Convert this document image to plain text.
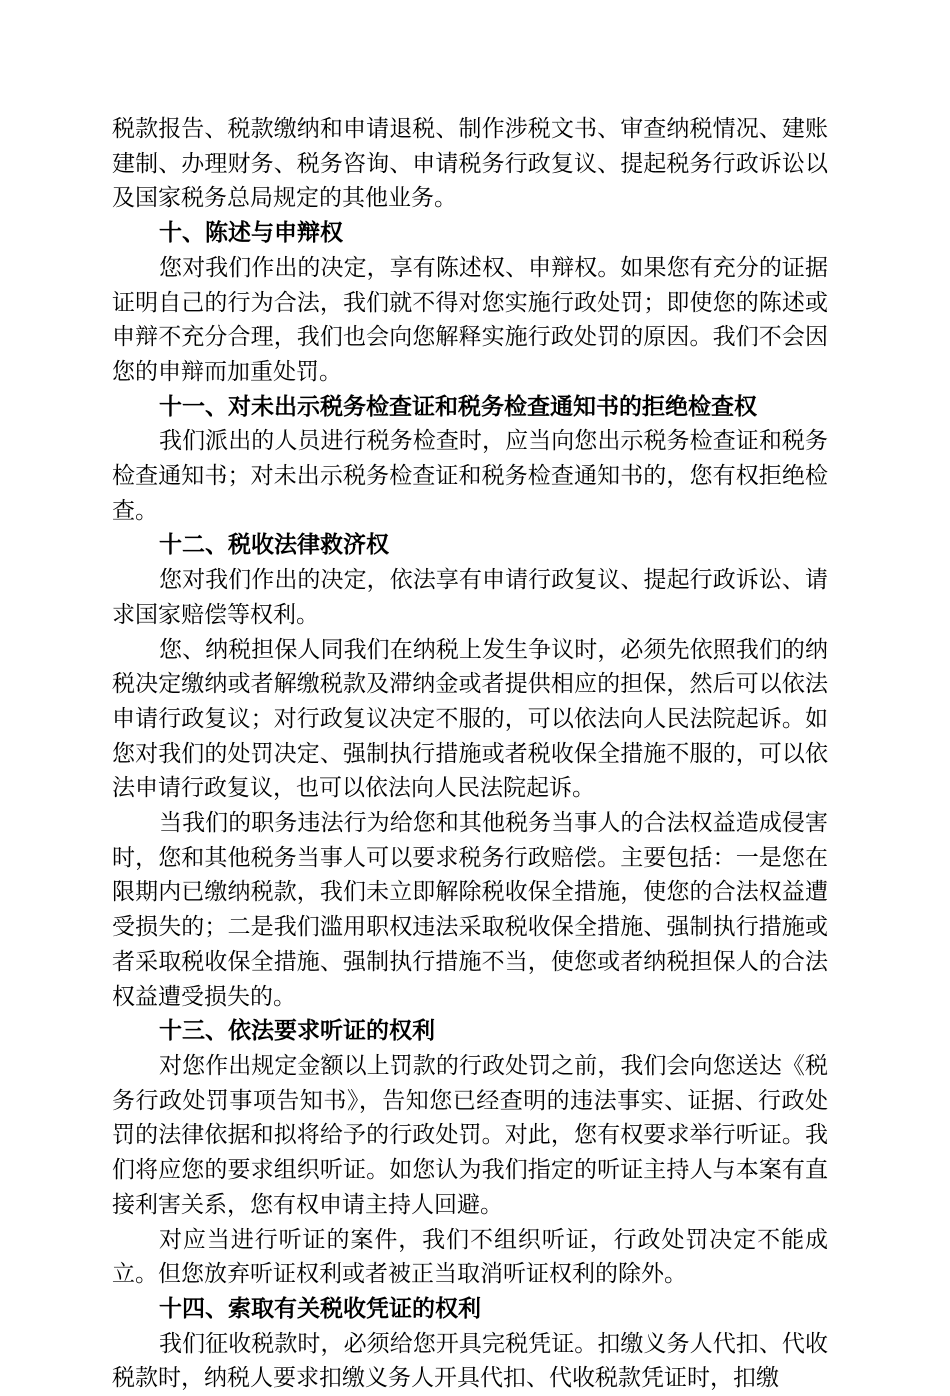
税款报告、税款缴纳和申请退税、制作涉税文书、审查纳税情况、建账建制、办理财务、税务咨询、申请税务行政复议、提起税务行政诉讼以及国家税务总局规定的其他业务。

十、陈述与申辩权

您对我们作出的决定，享有陈述权、申辩权。如果您有充分的证据证明自己的行为合法，我们就不得对您实施行政处罚；即使您的陈述或申辩不充分合理，我们也会向您解释实施行政处罚的原因。我们不会因您的申辩而加重处罚。

十一、对未出示税务检查证和税务检查通知书的拒绝检查权

我们派出的人员进行税务检查时，应当向您出示税务检查证和税务检查通知书；对未出示税务检查证和税务检查通知书的，您有权拒绝检查。

十二、税收法律救济权

您对我们作出的决定，依法享有申请行政复议、提起行政诉讼、请求国家赔偿等权利。

您、纳税担保人同我们在纳税上发生争议时，必须先依照我们的纳税决定缴纳或者解缴税款及滞纳金或者提供相应的担保，然后可以依法申请行政复议；对行政复议决定不服的，可以依法向人民法院起诉。如您对我们的处罚决定、强制执行措施或者税收保全措施不服的，可以依法申请行政复议，也可以依法向人民法院起诉。

当我们的职务违法行为给您和其他税务当事人的合法权益造成侵害时，您和其他税务当事人可以要求税务行政赔偿。主要包括：一是您在限期内已缴纳税款，我们未立即解除税收保全措施，使您的合法权益遭受损失的；二是我们滥用职权违法采取税收保全措施、强制执行措施或者采取税收保全措施、强制执行措施不当，使您或者纳税担保人的合法权益遭受损失的。

十三、依法要求听证的权利

对您作出规定金额以上罚款的行政处罚之前，我们会向您送达《税务行政处罚事项告知书》，告知您已经查明的违法事实、证据、行政处罚的法律依据和拟将给予的行政处罚。对此，您有权要求举行听证。我们将应您的要求组织听证。如您认为我们指定的听证主持人与本案有直接利害关系，您有权申请主持人回避。

对应当进行听证的案件，我们不组织听证，行政处罚决定不能成立。但您放弃听证权利或者被正当取消听证权利的除外。

十四、索取有关税收凭证的权利

我们征收税款时，必须给您开具完税凭证。扣缴义务人代扣、代收税款时，纳税人要求扣缴义务人开具代扣、代收税款凭证时，扣缴
